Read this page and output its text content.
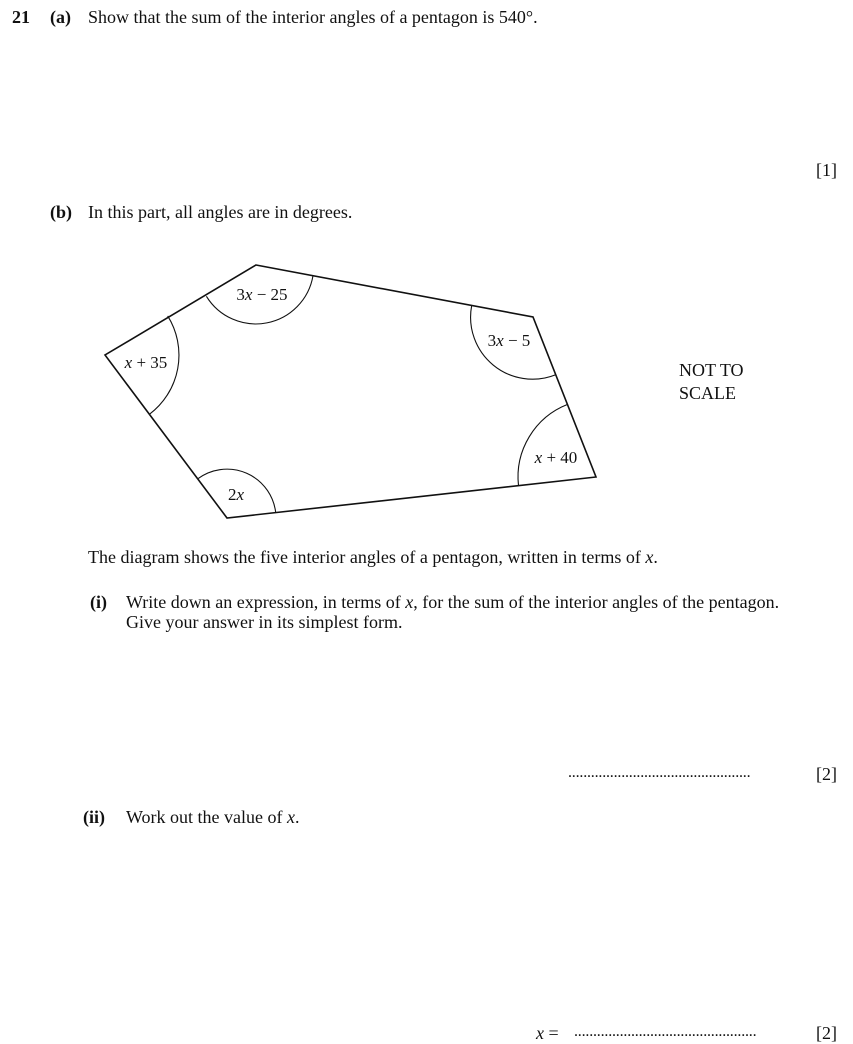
21 (a) Show that the sum of the interior angles of a pentagon is 540°.
[1]
(b) In this part, all angles are in degrees.
3x − 25
3x − 5
x + 35
2x
x + 40
NOT TO
SCALE
The diagram shows the five interior angles of a pentagon, written in terms of x.
(i) Write down an expression, in terms of x, for the sum of the interior angles of the pentagon.
Give your answer in its simplest form.
................................................	[2]
(ii) Work out the value of x.
x = ................................................	[2]
